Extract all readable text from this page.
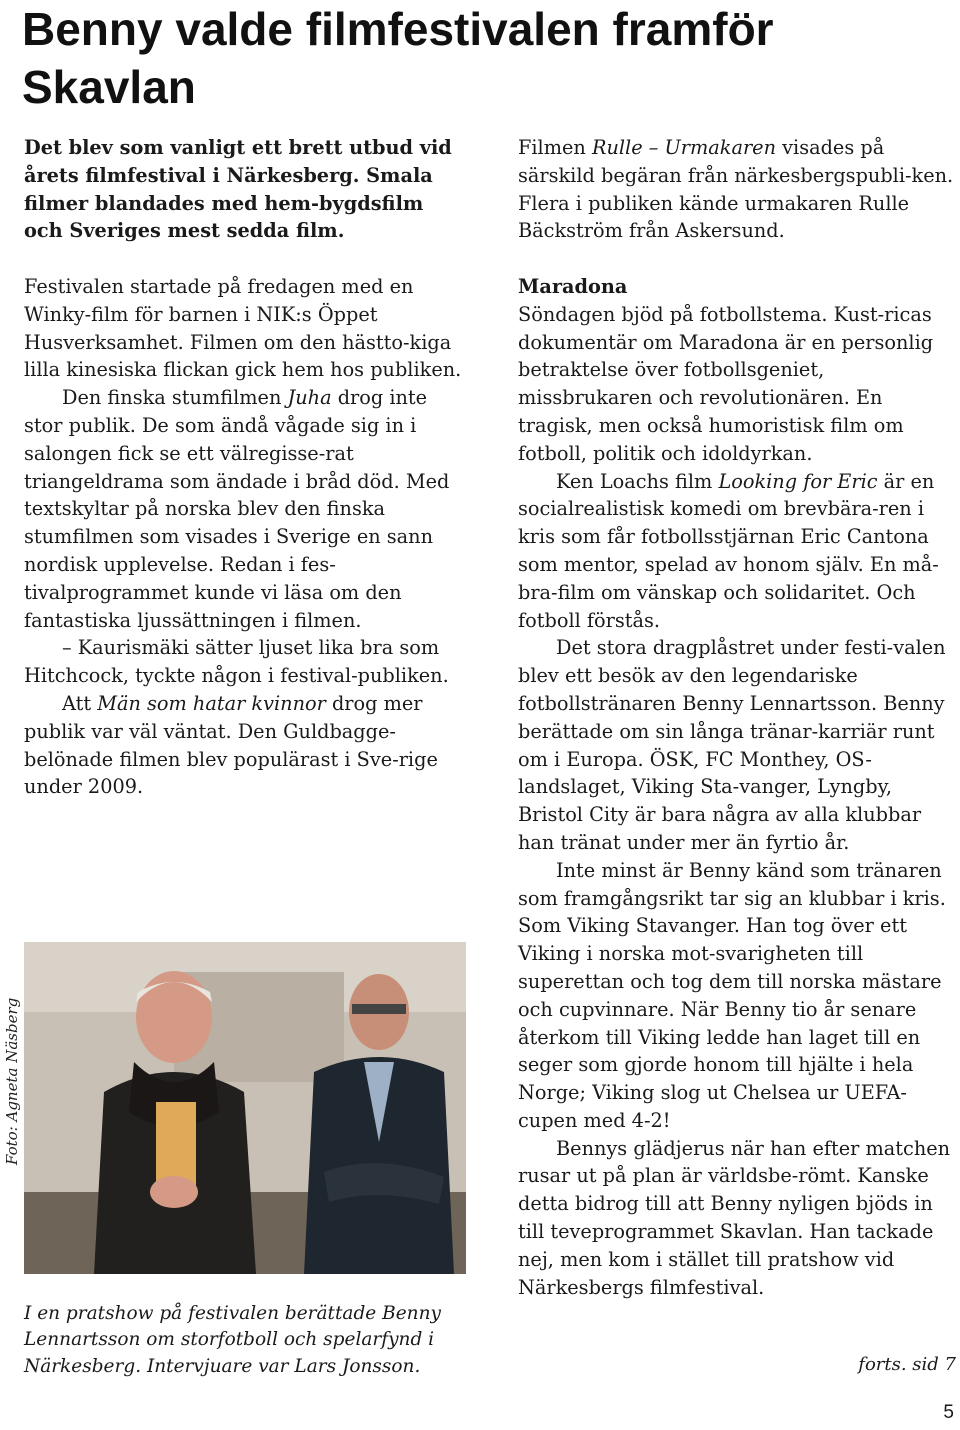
Benny valde filmfestivalen framför Skavlan

Det blev som vanligt ett brett utbud vid årets filmfestival i Närkesberg. Smala filmer blandades med hem-bygdsfilm och Sveriges mest sedda film.

Festivalen startade på fredagen med en Winky-film för barnen i NIK:s Öppet Husverksamhet. Filmen om den hästto-kiga lilla kinesiska flickan gick hem hos publiken.

Den finska stumfilmen Juha drog inte stor publik. De som ändå vågade sig in i salongen fick se ett välregisse-rat triangeldrama som ändade i bråd död. Med textskyltar på norska blev den finska stumfilmen som visades i Sverige en sann nordisk upplevelse. Redan i fes-tivalprogrammet kunde vi läsa om den fantastiska ljussättningen i filmen.

– Kaurismäki sätter ljuset lika bra som Hitchcock, tyckte någon i festival-publiken.

Att Män som hatar kvinnor drog mer publik var väl väntat. Den Guldbagge-belönade filmen blev populärast i Sve-rige under 2009.

Foto: Agneta Näsberg

I en pratshow på festivalen berättade Benny Lennartsson om storfotboll och spelarfynd i Närkesberg. Intervjuare var Lars Jonsson.

Filmen Rulle – Urmakaren visades på särskild begäran från närkesbergspubli-ken. Flera i publiken kände urmakaren Rulle Bäckström från Askersund.

Maradona

Söndagen bjöd på fotbollstema. Kust-ricas dokumentär om Maradona är en personlig betraktelse över fotbollsgeniet, missbrukaren och revolutionären. En tragisk, men också humoristisk film om fotboll, politik och idoldyrkan.

Ken Loachs film Looking for Eric är en socialrealistisk komedi om brevbära-ren i kris som får fotbollsstjärnan Eric Cantona som mentor, spelad av honom själv. En må-bra-film om vänskap och solidaritet. Och fotboll förstås.

Det stora dragplåstret under festi-valen blev ett besök av den legendariske fotbollstränaren Benny Lennartsson. Benny berättade om sin långa tränar-karriär runt om i Europa. ÖSK, FC Monthey, OS-landslaget, Viking Sta-vanger, Lyngby, Bristol City är bara några av alla klubbar han tränat under mer än fyrtio år.

Inte minst är Benny känd som tränaren som framgångsrikt tar sig an klubbar i kris. Som Viking Stavanger. Han tog över ett Viking i norska mot-svarigheten till superettan och tog dem till norska mästare och cupvinnare. När Benny tio år senare återkom till Viking ledde han laget till en seger som gjorde honom till hjälte i hela Norge; Viking slog ut Chelsea ur UEFA-cupen med 4-2!

Bennys glädjerus när han efter matchen rusar ut på plan är världsbe-römt. Kanske detta bidrog till att Benny nyligen bjöds in till teveprogrammet Skavlan. Han tackade nej, men kom i stället till pratshow vid Närkesbergs filmfestival.

forts. sid 7
5
